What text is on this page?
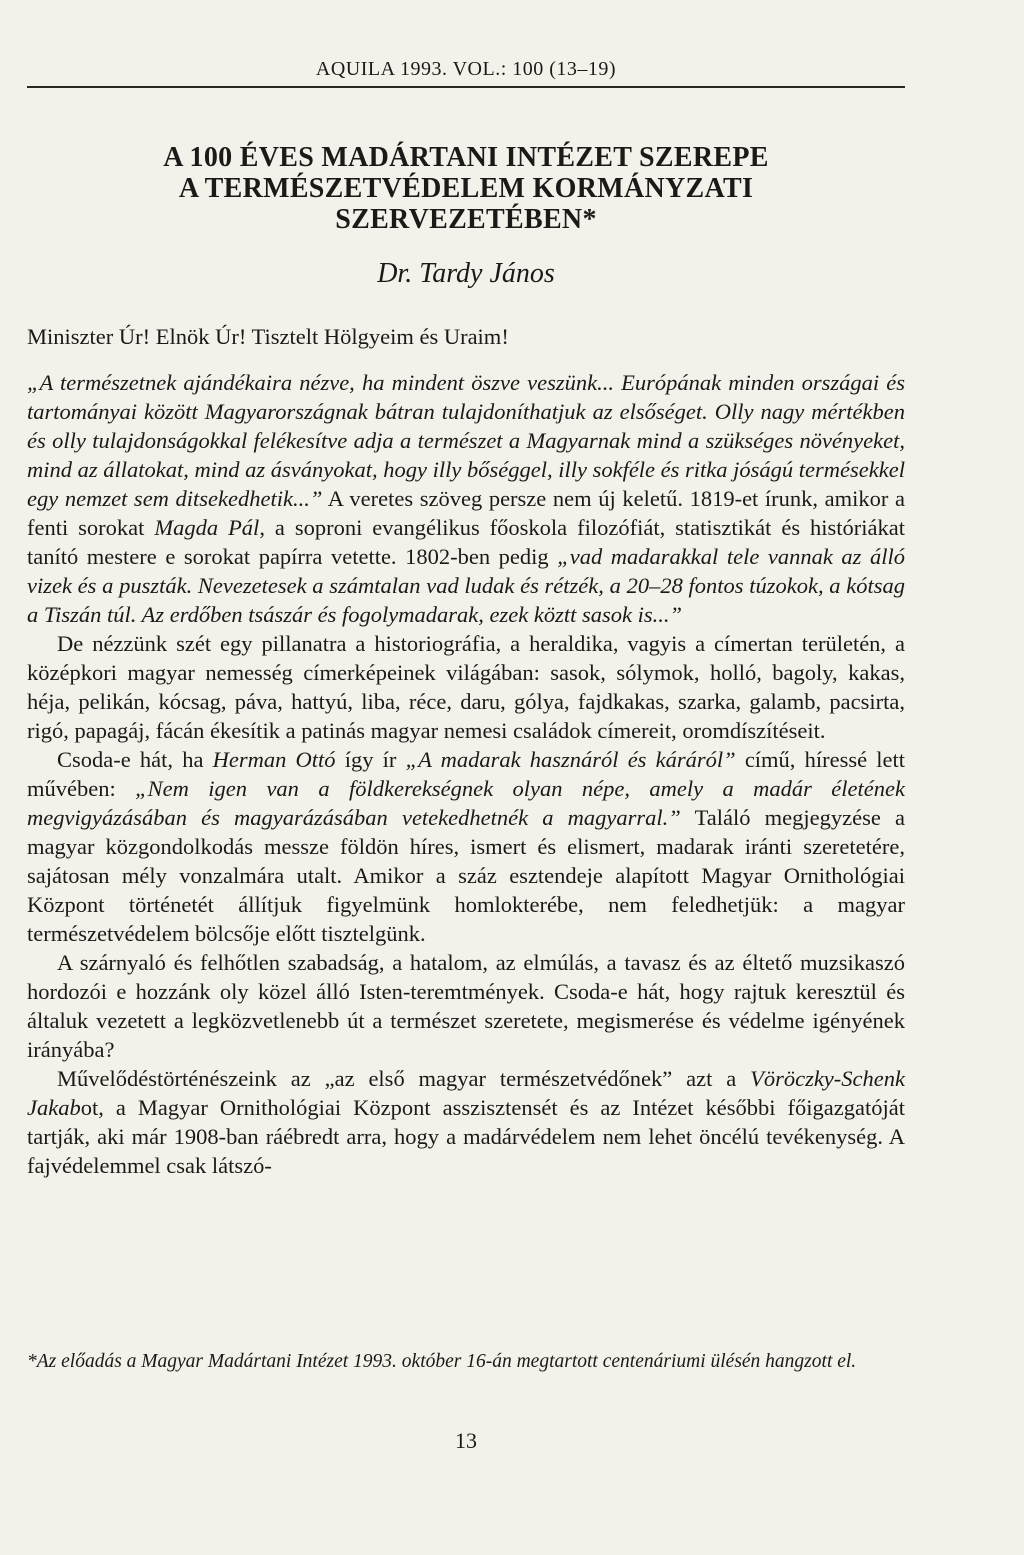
AQUILA 1993. VOL.: 100 (13–19)
A 100 ÉVES MADÁRTANI INTÉZET SZEREPE
A TERMÉSZETVÉDELEM KORMÁNYZATI
SZERVEZETÉBEN*
Dr. Tardy János

Miniszter Úr! Elnök Úr! Tisztelt Hölgyeim és Uraim!

„A természetnek ajándékaira nézve, ha mindent öszve veszünk... Európának minden országai és tartományai között Magyarországnak bátran tulajdoníthatjuk az elsőséget. Olly nagy mértékben és olly tulajdonságokkal felékesítve adja a természet a Magyarnak mind a szükséges növényeket, mind az állatokat, mind az ásványokat, hogy illy bőséggel, illy sokféle és ritka jóságú termésekkel egy nemzet sem ditsekedhetik...” A veretes szöveg persze nem új keletű. 1819-et írunk, amikor a fenti sorokat Magda Pál, a soproni evangélikus főoskola filozófiát, statisztikát és históriákat tanító mestere e sorokat papírra vetette. 1802-ben pedig „vad madarakkal tele vannak az álló vizek és a puszták. Nevezetesek a számtalan vad ludak és rétzék, a 20–28 fontos túzokok, a kótsag a Tiszán túl. Az erdőben tsászár és fogolymadarak, ezek köztt sasok is...”

De nézzünk szét egy pillanatra a historiográfia, a heraldika, vagyis a címertan területén, a középkori magyar nemesség címerképeinek világában: sasok, sólymok, holló, bagoly, kakas, héja, pelikán, kócsag, páva, hattyú, liba, réce, daru, gólya, fajdkakas, szarka, galamb, pacsirta, rigó, papagáj, fácán ékesítik a patinás magyar nemesi családok címereit, oromdíszítéseit.

Csoda-e hát, ha Herman Ottó így ír „A madarak hasznáról és káráról” című, híressé lett művében: „Nem igen van a földkerekségnek olyan népe, amely a madár életének megvigyázásában és magyarázásában vetekedhetnék a magyarral.” Találó megjegyzése a magyar közgondolkodás messze földön híres, ismert és elismert, madarak iránti szeretetére, sajátosan mély vonzalmára utalt. Amikor a száz esztendeje alapított Magyar Ornithológiai Központ történetét állítjuk figyelmünk homlokterébe, nem feledhetjük: a magyar természetvédelem bölcsője előtt tisztelgünk.

A szárnyaló és felhőtlen szabadság, a hatalom, az elmúlás, a tavasz és az éltető muzsikaszó hordozói e hozzánk oly közel álló Isten-teremtmények. Csoda-e hát, hogy rajtuk keresztül és általuk vezetett a legközvetlenebb út a természet szeretete, megismerése és védelme igényének irányába?

Művelődéstörténészeink az „az első magyar természetvédőnek” azt a Vöröczky-Schenk Jakabot, a Magyar Ornithológiai Központ asszisztensét és az Intézet későbbi főigazgatóját tartják, aki már 1908-ban ráébredt arra, hogy a madárvédelem nem lehet öncélú tevékenység. A fajvédelemmel csak látszó-

*Az előadás a Magyar Madártani Intézet 1993. október 16-án megtartott centenáriumi ülésén hangzott el.
13
